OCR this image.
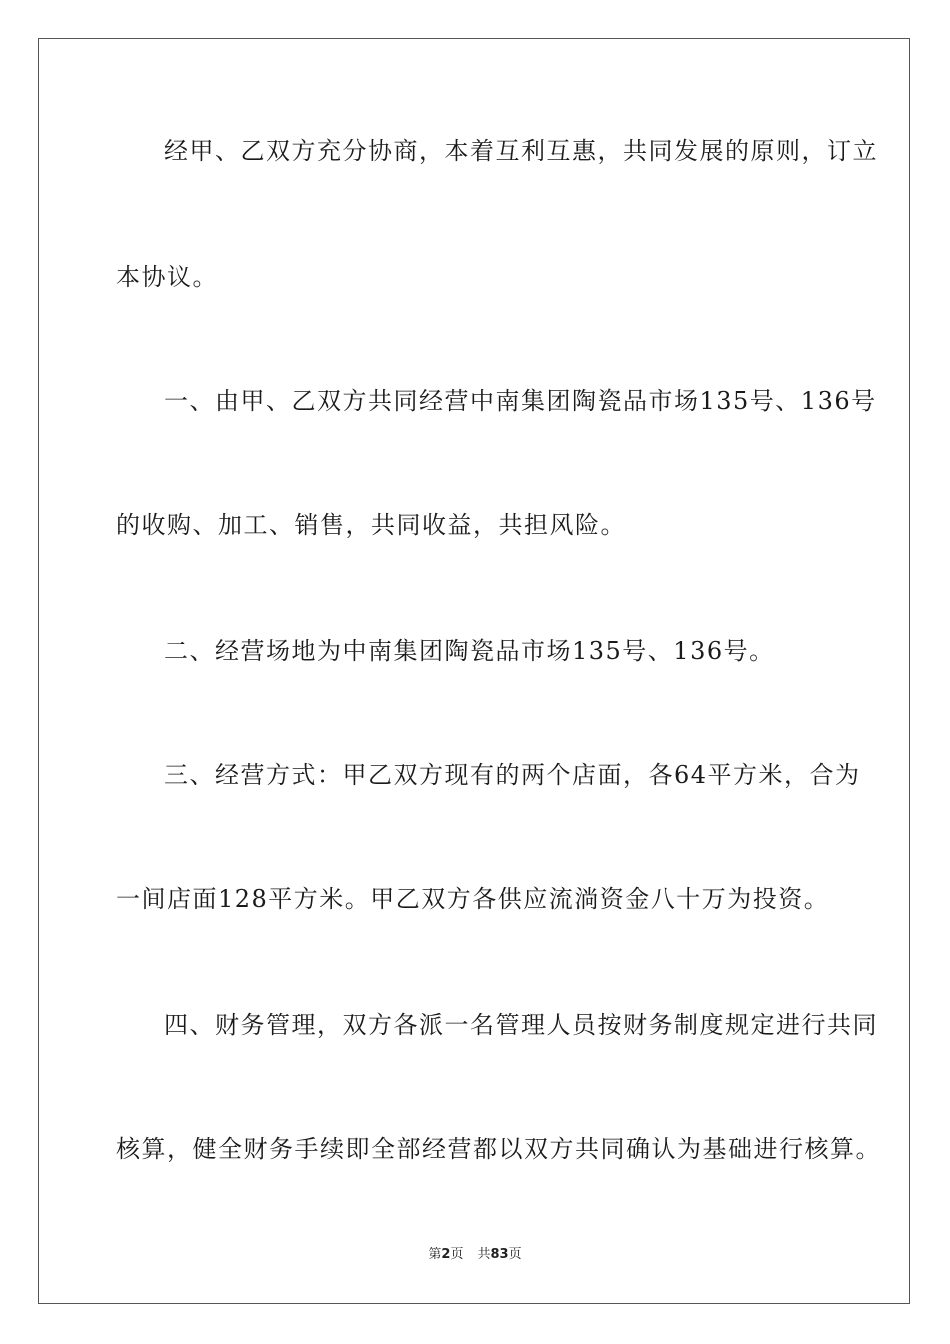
经甲、乙双方充分协商，本着互利互惠，共同发展的原则，订立
本协议。
一、由甲、乙双方共同经营中南集团陶瓷品市场135号、136号
的收购、加工、销售，共同收益，共担风险。
二、经营场地为中南集团陶瓷品市场135号、136号。
三、经营方式：甲乙双方现有的两个店面，各64平方米，合为
一间店面128平方米。甲乙双方各供应流淌资金八十万为投资。
四、财务管理，双方各派一名管理人员按财务制度规定进行共同
核算，健全财务手续即全部经营都以双方共同确认为基础进行核算。
第2页 共83页
